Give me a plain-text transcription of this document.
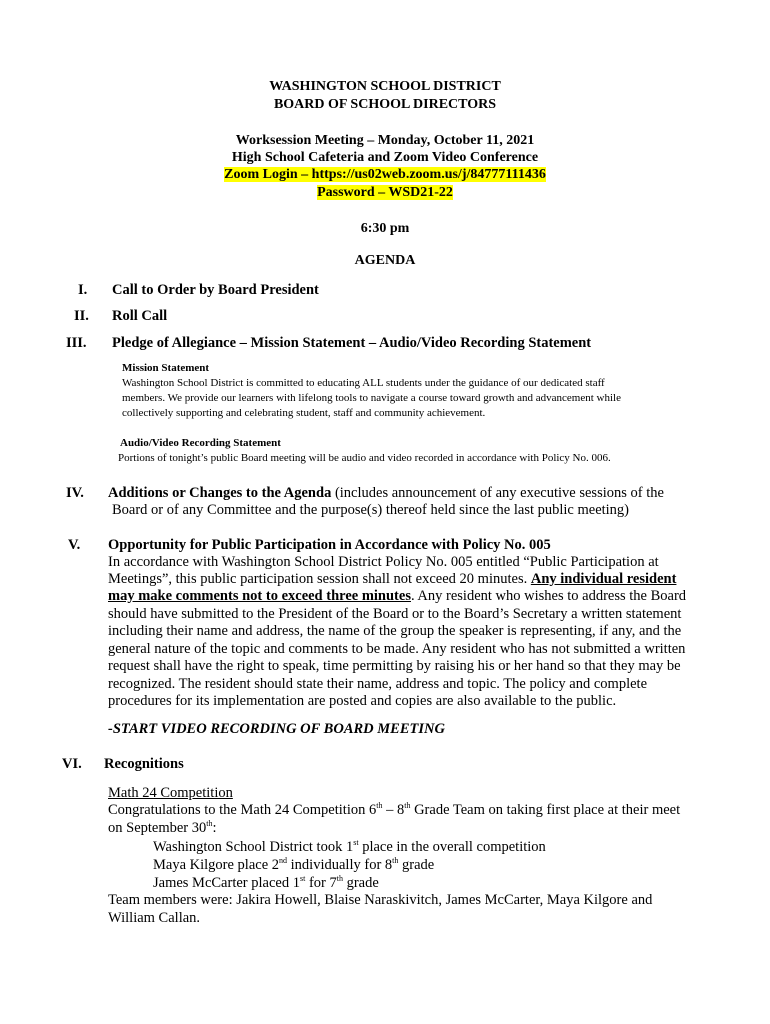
WASHINGTON SCHOOL DISTRICT
BOARD OF SCHOOL DIRECTORS
Worksession Meeting – Monday, October 11, 2021
High School Cafeteria and Zoom Video Conference
Zoom Login – https://us02web.zoom.us/j/84777111436
Password – WSD21-22
6:30 pm
AGENDA
I. Call to Order by Board President
II. Roll Call
III. Pledge of Allegiance – Mission Statement – Audio/Video Recording Statement
Mission Statement
Washington School District is committed to educating ALL students under the guidance of our dedicated staff
members. We provide our learners with lifelong tools to navigate a course toward growth and advancement while
collectively supporting and celebrating student, staff and community achievement.
Audio/Video Recording Statement
Portions of tonight’s public Board meeting will be audio and video recorded in accordance with Policy No. 006.
IV. Additions or Changes to the Agenda (includes announcement of any executive sessions of the
Board or of any Committee and the purpose(s) thereof held since the last public meeting)
V. Opportunity for Public Participation in Accordance with Policy No. 005
In accordance with Washington School District Policy No. 005 entitled “Public Participation at
Meetings”, this public participation session shall not exceed 20 minutes. Any individual resident
may make comments not to exceed three minutes. Any resident who wishes to address the Board
should have submitted to the President of the Board or to the Board’s Secretary a written statement
including their name and address, the name of the group the speaker is representing, if any, and the
general nature of the topic and comments to be made. Any resident who has not submitted a written
request shall have the right to speak, time permitting by raising his or her hand so that they may be
recognized. The resident should state their name, address and topic. The policy and complete
procedures for its implementation are posted and copies are also available to the public.
-START VIDEO RECORDING OF BOARD MEETING
VI. Recognitions
Math 24 Competition
Congratulations to the Math 24 Competition 6th – 8th Grade Team on taking first place at their meet
on September 30th:
Washington School District took 1st place in the overall competition
Maya Kilgore place 2nd individually for 8th grade
James McCarter placed 1st for 7th grade
Team members were: Jakira Howell, Blaise Naraskivitch, James McCarter, Maya Kilgore and
William Callan.
